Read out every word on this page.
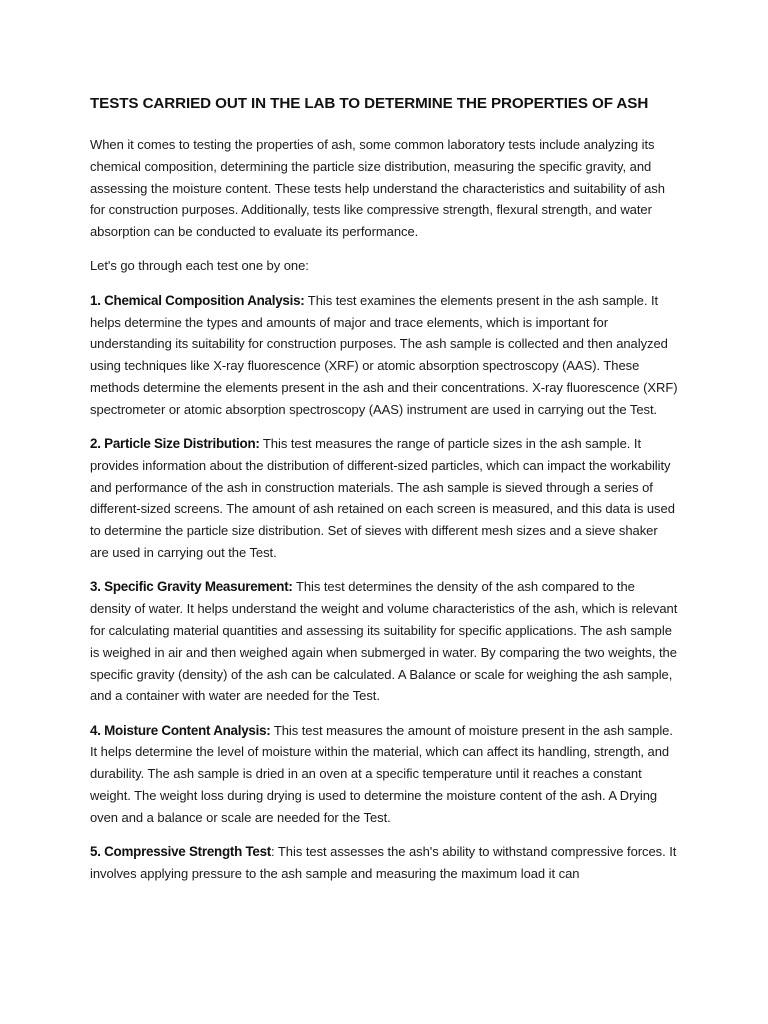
TESTS CARRIED OUT IN THE LAB TO DETERMINE THE PROPERTIES OF ASH

When it comes to testing the properties of ash, some common laboratory tests include analyzing its chemical composition, determining the particle size distribution, measuring the specific gravity, and assessing the moisture content. These tests help understand the characteristics and suitability of ash for construction purposes. Additionally, tests like compressive strength, flexural strength, and water absorption can be conducted to evaluate its performance.

Let's go through each test one by one:

1. Chemical Composition Analysis: This test examines the elements present in the ash sample. It helps determine the types and amounts of major and trace elements, which is important for understanding its suitability for construction purposes. The ash sample is collected and then analyzed using techniques like X-ray fluorescence (XRF) or atomic absorption spectroscopy (AAS). These methods determine the elements present in the ash and their concentrations. X-ray fluorescence (XRF) spectrometer or atomic absorption spectroscopy (AAS) instrument are used in carrying out the Test.

2. Particle Size Distribution: This test measures the range of particle sizes in the ash sample. It provides information about the distribution of different-sized particles, which can impact the workability and performance of the ash in construction materials. The ash sample is sieved through a series of different-sized screens. The amount of ash retained on each screen is measured, and this data is used to determine the particle size distribution. Set of sieves with different mesh sizes and a sieve shaker are used in carrying out the Test.

3. Specific Gravity Measurement: This test determines the density of the ash compared to the density of water. It helps understand the weight and volume characteristics of the ash, which is relevant for calculating material quantities and assessing its suitability for specific applications. The ash sample is weighed in air and then weighed again when submerged in water. By comparing the two weights, the specific gravity (density) of the ash can be calculated. A Balance or scale for weighing the ash sample, and a container with water are needed for the Test.

4. Moisture Content Analysis: This test measures the amount of moisture present in the ash sample. It helps determine the level of moisture within the material, which can affect its handling, strength, and durability. The ash sample is dried in an oven at a specific temperature until it reaches a constant weight. The weight loss during drying is used to determine the moisture content of the ash. A Drying oven and a balance or scale are needed for the Test.

5. Compressive Strength Test: This test assesses the ash's ability to withstand compressive forces. It involves applying pressure to the ash sample and measuring the maximum load it can
